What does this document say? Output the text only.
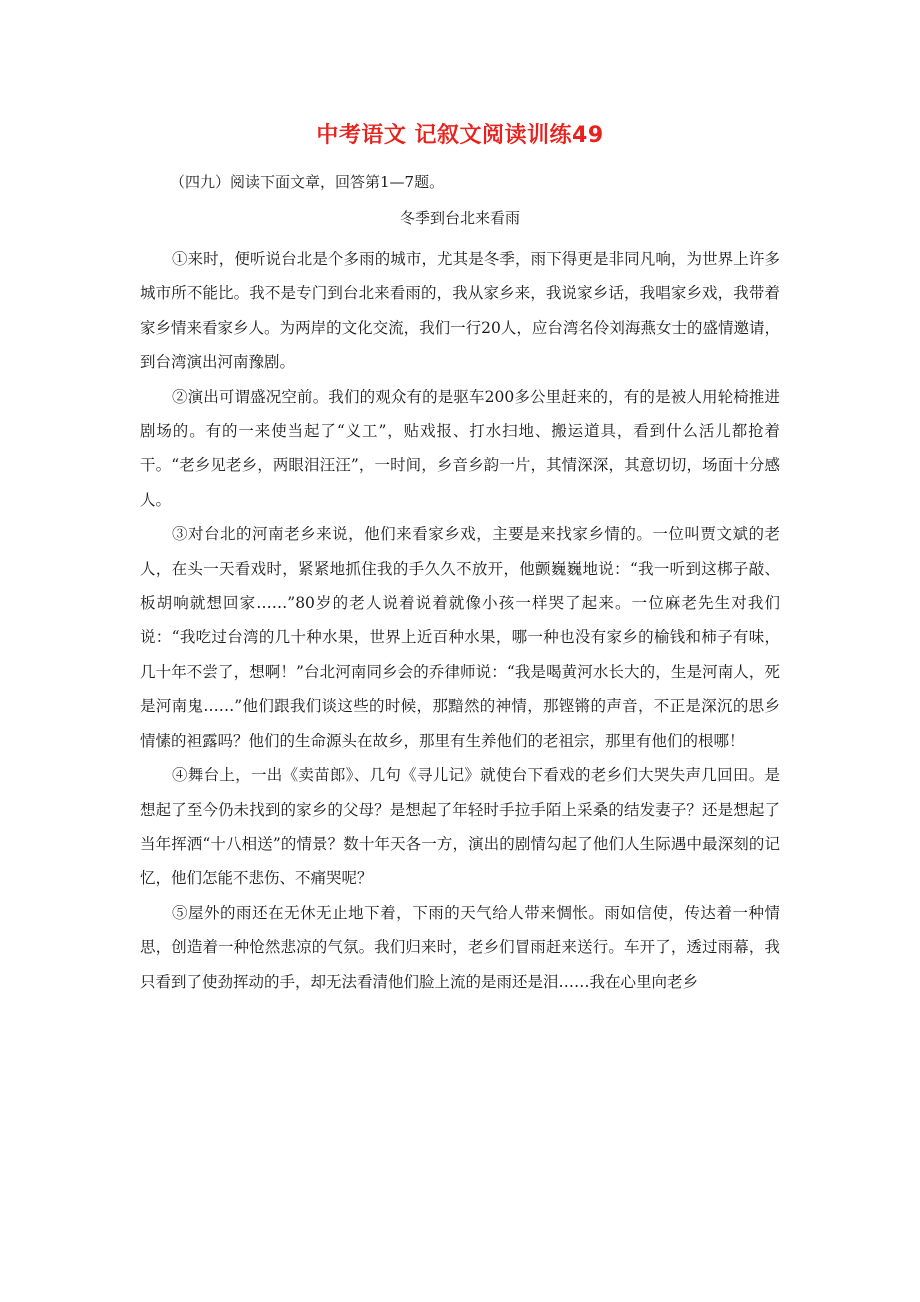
中考语文 记叙文阅读训练49
（四九）阅读下面文章，回答第1—7题。
冬季到台北来看雨

①来时，便听说台北是个多雨的城市，尤其是冬季，雨下得更是非同凡响，为世界上许多城市所不能比。我不是专门到台北来看雨的，我从家乡来，我说家乡话，我唱家乡戏，我带着家乡情来看家乡人。为两岸的文化交流，我们一行20人，应台湾名伶刘海燕女士的盛情邀请，到台湾演出河南豫剧。

②演出可谓盛况空前。我们的观众有的是驱车200多公里赶来的，有的是被人用轮椅推进剧场的。有的一来使当起了“义工”，贴戏报、打水扫地、搬运道具，看到什么活儿都抢着干。“老乡见老乡，两眼泪汪汪”，一时间，乡音乡韵一片，其情深深，其意切切，场面十分感人。

③对台北的河南老乡来说，他们来看家乡戏，主要是来找家乡情的。一位叫贾文斌的老人，在头一天看戏时，紧紧地抓住我的手久久不放开，他颤巍巍地说：“我一听到这梆子敲、板胡响就想回家……”80岁的老人说着说着就像小孩一样哭了起来。一位麻老先生对我们说：“我吃过台湾的几十种水果，世界上近百种水果，哪一种也没有家乡的榆钱和柿子有味，几十年不尝了，想啊！”台北河南同乡会的乔律师说：“我是喝黄河水长大的，生是河南人，死是河南鬼……”他们跟我们谈这些的时候，那黯然的神情，那铿锵的声音，不正是深沉的思乡情愫的袒露吗？他们的生命源头在故乡，那里有生养他们的老祖宗，那里有他们的根哪！

④舞台上，一出《卖苗郎》、几句《寻儿记》就使台下看戏的老乡们大哭失声几回田。是想起了至今仍未找到的家乡的父母？是想起了年轻时手拉手陌上采桑的结发妻子？还是想起了当年挥洒“十八相送”的情景？数十年天各一方，演出的剧情勾起了他们人生际遇中最深刻的记忆，他们怎能不悲伤、不痛哭呢？

⑤屋外的雨还在无休无止地下着，下雨的天气给人带来惆怅。雨如信使，传达着一种情思，创造着一种怆然悲凉的气氛。我们归来时，老乡们冒雨赶来送行。车开了，透过雨幕，我只看到了使劲挥动的手，却无法看清他们脸上流的是雨还是泪……我在心里向老乡
